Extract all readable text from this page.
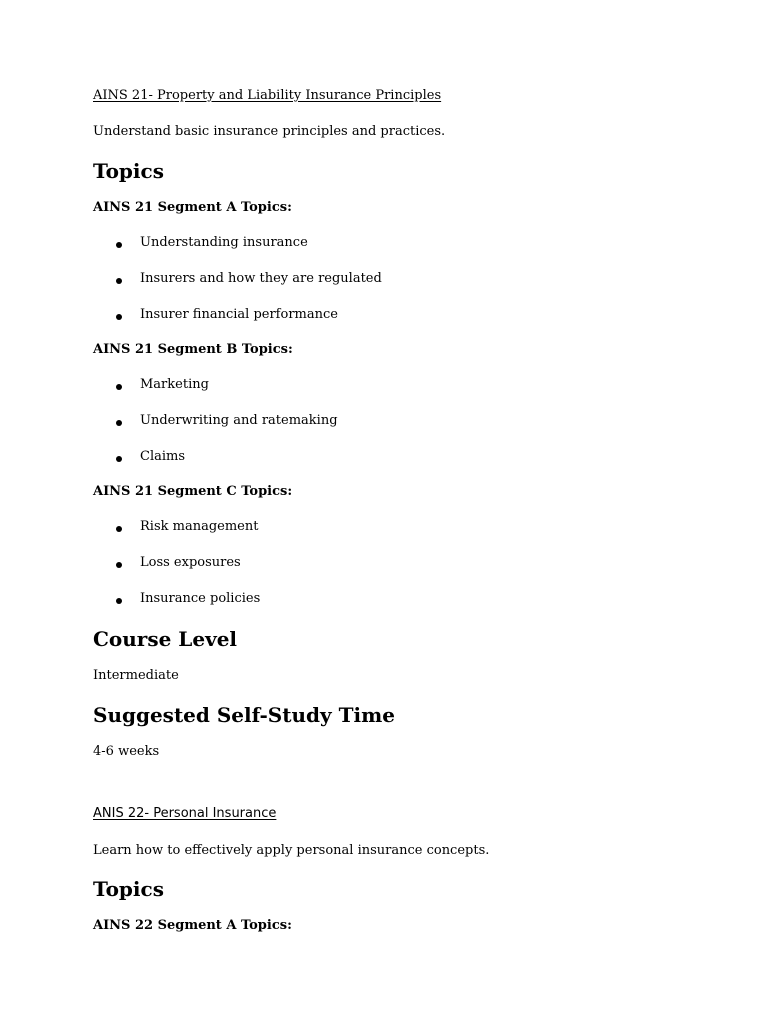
AINS 21- Property and Liability Insurance Principles
Understand basic insurance principles and practices.
Topics
AINS 21 Segment A Topics:
Understanding insurance
Insurers and how they are regulated
Insurer financial performance
AINS 21 Segment B Topics:
Marketing
Underwriting and ratemaking
Claims
AINS 21 Segment C Topics:
Risk management
Loss exposures
Insurance policies
Course Level
Intermediate
Suggested Self-Study Time
4-6 weeks
ANIS 22- Personal Insurance
Learn how to effectively apply personal insurance concepts.
Topics
AINS 22 Segment A Topics:
